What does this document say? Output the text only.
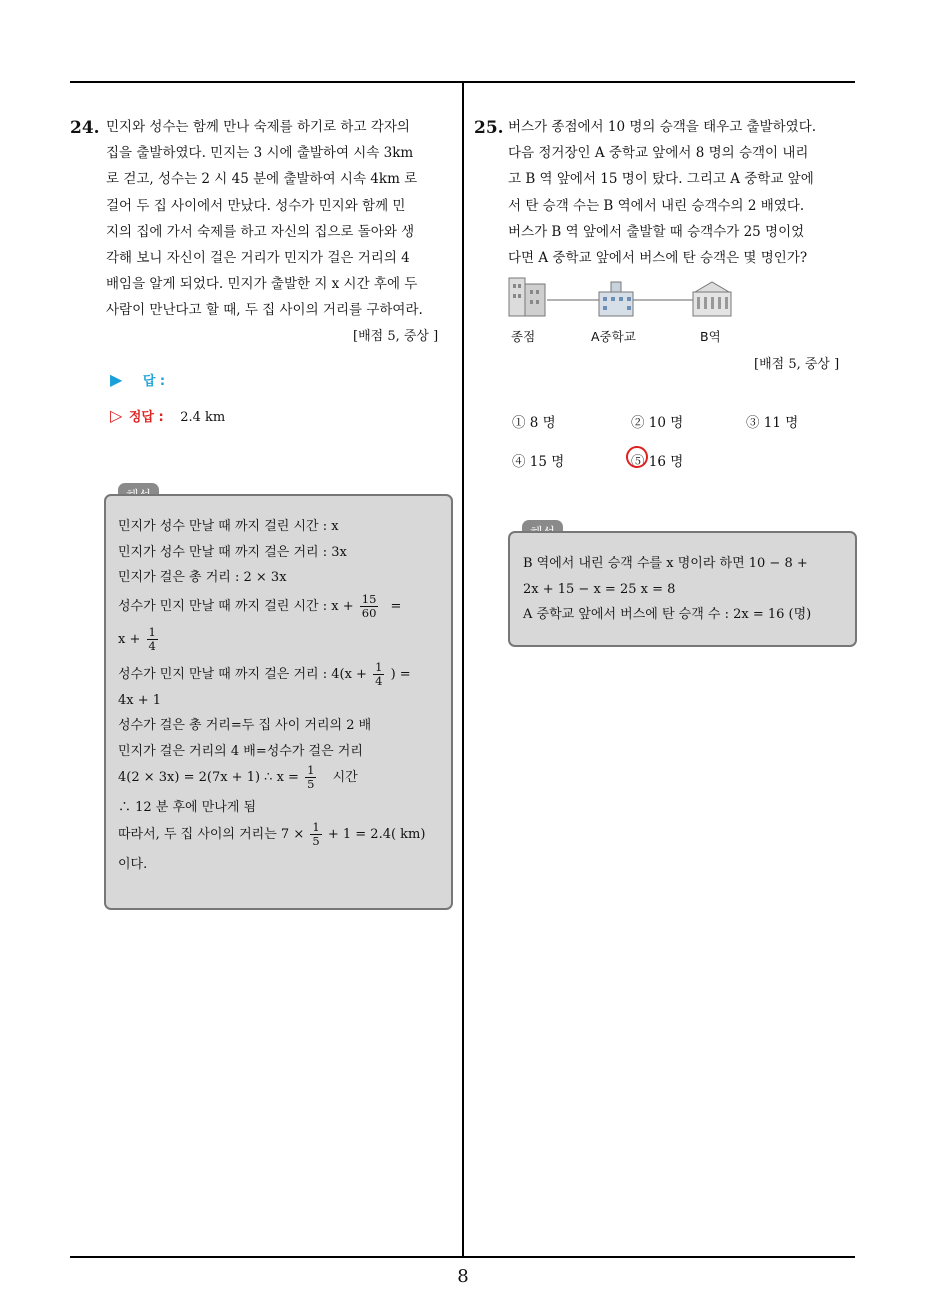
24. 민지와 성수는 함께 만나 숙제를 하기로 하고 각자의
집을 출발하였다. 민지는 3 시에 출발하여 시속 3km
로 걷고, 성수는 2 시 45 분에 출발하여 시속 4km 로
걸어 두 집 사이에서 만났다. 성수가 민지와 함께 민
지의 집에 가서 숙제를 하고 자신의 집으로 돌아와 생
각해 보니 자신이 걸은 거리가 민지가 걸은 거리의 4
배임을 알게 되었다. 민지가 출발한 지 x 시간 후에 두
사람이 만난다고 할 때, 두 집 사이의 거리를 구하여라.
[배점 5, 중상 ]
▶ 답 :
▷ 정답 : 2.4 km
민지가 성수 만날 때 까지 걸린 시간 : x
민지가 성수 만날 때 까지 걸은 거리 : 3x
민지가 걸은 총 거리 : 2 × 3x
성수가 민지 만날 때 까지 걸린 시간 : $x + \frac{15}{60}$ =
$x + \frac{1}{4}$
성수가 민지 만날 때 까지 걸은 거리 : $4(x + \frac{1}{4}$ ) =
4x + 1
성수가 걸은 총 거리=두 집 사이 거리의 2 배
민지가 걸은 거리의 4 배=성수가 걸은 거리
4(2 × 3x) = 2(7x + 1) ∴ $x = \frac{1}{5}$ 시간
∴ 12 분 후에 만나게 됨
따라서, 두 집 사이의 거리는 $7 \times \frac{1}{5} + 1 = 2.4$( km)
이다.
25. 버스가 종점에서 10 명의 승객을 태우고 출발하였다.
다음 정거장인 A 중학교 앞에서 8 명의 승객이 내리
고 B 역 앞에서 15 명이 탔다. 그리고 A 중학교 앞에
서 탄 승객 수는 B 역에서 내린 승객수의 2 배였다.
버스가 B 역 앞에서 출발할 때 승객수가 25 명이었
다면 A 중학교 앞에서 버스에 탄 승객은 몇 명인가?
종점	A중학교	B역
[배점 5, 중상 ]
① 8 명	② 10 명	③ 11 명
④ 15 명	⑤ 16 명
B 역에서 내린 승객 수를 x 명이라 하면 10 − 8 +
2x + 15 − x = 25 x = 8
A 중학교 앞에서 버스에 탄 승객 수 : 2x = 16 (명)
8
